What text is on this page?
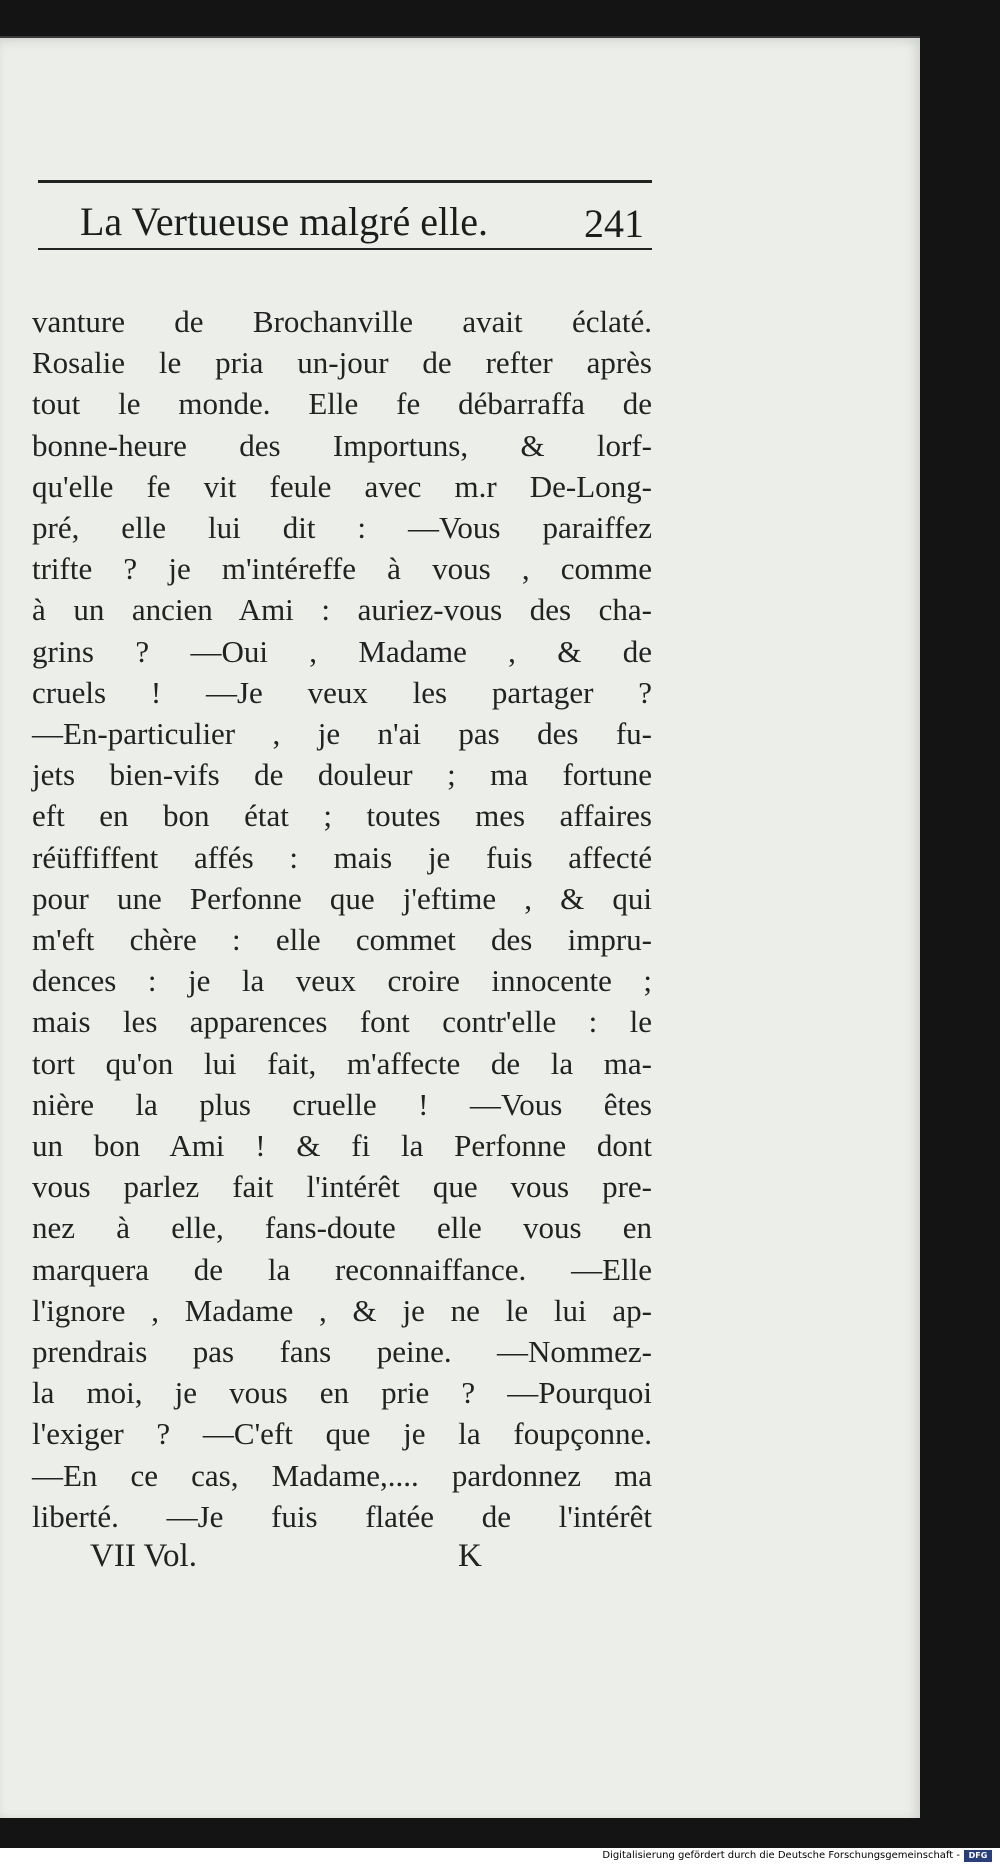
La Vertueuse malgré elle. 241
vanture de Brochanville avait éclaté.
Rosalie le pria un-jour de refter après
tout le monde. Elle fe débarraffa de
bonne-heure des Importuns, & lorf-
qu'elle fe vit feule avec m.r De-Long-
pré, elle lui dit : —Vous paraiffez
trifte ? je m'intéreffe à vous , comme
à un ancien Ami : auriez-vous des cha-
grins ? —Oui , Madame , & de
cruels ! —Je veux les partager ?
—En-particulier , je n'ai pas des fu-
jets bien-vifs de douleur ; ma fortune
eft en bon état ; toutes mes affaires
réüffiffent affés : mais je fuis affecté
pour une Perfonne que j'eftime , & qui
m'eft chère : elle commet des impru-
dences : je la veux croire innocente ;
mais les apparences font contr'elle : le
tort qu'on lui fait, m'affecte de la ma-
nière la plus cruelle ! —Vous êtes
un bon Ami ! & fi la Perfonne dont
vous parlez fait l'intérêt que vous pre-
nez à elle, fans-doute elle vous en
marquera de la reconnaiffance. —Elle
l'ignore , Madame , & je ne le lui ap-
prendrais pas fans peine. —Nommez-
la moi, je vous en prie ? —Pourquoi
l'exiger ? —C'eft que je la foupçonne.
—En ce cas, Madame,.... pardonnez ma
liberté. —Je fuis flatée de l'intérêt
VII Vol.	K
Digitalisierung gefördert durch die Deutsche Forschungsgemeinschaft -	DFG
